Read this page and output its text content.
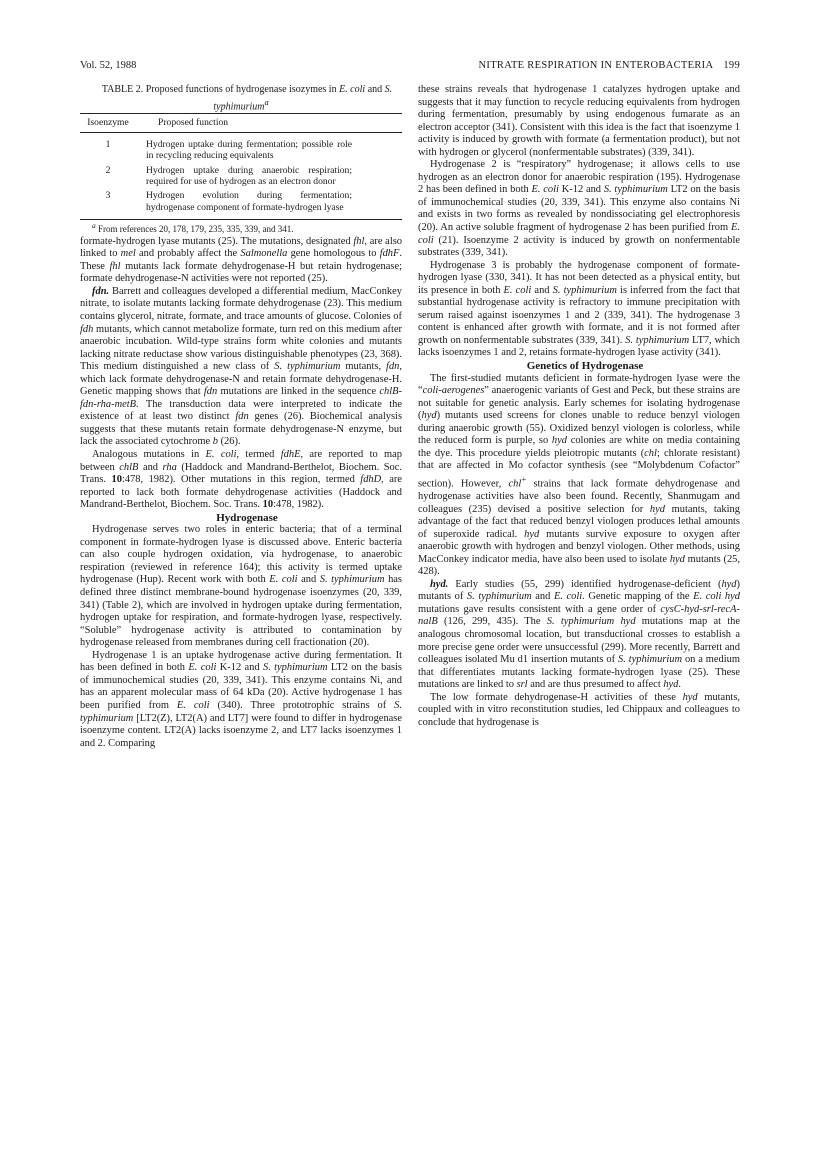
Vol. 52, 1988	NITRATE RESPIRATION IN ENTEROBACTERIA 199

TABLE 2. Proposed functions of hydrogenase isozymes in E. coli and S. typhimurium$^a$

Isoenzyme	Proposed function
1	Hydrogen uptake during fermentation; possible role in recycling reducing equivalents
2	Hydrogen uptake during anaerobic respiration; required for use of hydrogen as an electron donor
3	Hydrogen evolution during fermentation; hydrogenase component of formate-hydrogen lyase

$^a$ From references 20, 178, 179, 235, 335, 339, and 341.

formate-hydrogen lyase mutants (25). The mutations, designated fhl, are also linked to mel and probably affect the Salmonella gene homologous to fdhF. These fhl mutants lack formate dehydrogenase-H but retain hydrogenase; formate dehydrogenase-N activities were not reported (25).

fdn. Barrett and colleagues developed a differential medium, MacConkey nitrate, to isolate mutants lacking formate dehydrogenase (23). This medium contains glycerol, nitrate, formate, and trace amounts of glucose. Colonies of fdh mutants, which cannot metabolize formate, turn red on this medium after anaerobic incubation. Wild-type strains form white colonies and mutants lacking nitrate reductase show various distinguishable phenotypes (23, 368). This medium distinguished a new class of S. typhimurium mutants, fdn, which lack formate dehydrogenase-N and retain formate dehydrogenase-H. Genetic mapping shows that fdn mutations are linked in the sequence chlB-fdn-rha-metB. The transduction data were interpreted to indicate the existence of at least two distinct fdn genes (26). Biochemical analysis suggests that these mutants retain formate dehydrogenase-N enzyme, but lack the associated cytochrome b (26).

Analogous mutations in E. coli, termed fdhE, are reported to map between chlB and rha (Haddock and Mandrand-Berthelot, Biochem. Soc. Trans. 10:478, 1982). Other mutations in this region, termed fdhD, are reported to lack both formate dehydrogenase activities (Haddock and Mandrand-Berthelot, Biochem. Soc. Trans. 10:478, 1982).

Hydrogenase

Hydrogenase serves two roles in enteric bacteria; that of a terminal component in formate-hydrogen lyase is discussed above. Enteric bacteria can also couple hydrogen oxidation, via hydrogenase, to anaerobic respiration (reviewed in reference 164); this activity is termed uptake hydrogenase (Hup). Recent work with both E. coli and S. typhimurium has defined three distinct membrane-bound hydrogenase isoenzymes (20, 339, 341) (Table 2), which are involved in hydrogen uptake during fermentation, hydrogen uptake for respiration, and formate-hydrogen lyase, respectively. “Soluble” hydrogenase activity is attributed to contamination by hydrogenase released from membranes during cell fractionation (20).

Hydrogenase 1 is an uptake hydrogenase active during fermentation. It has been defined in both E. coli K-12 and S. typhimurium LT2 on the basis of immunochemical studies (20, 339, 341). This enzyme contains Ni, and has an apparent molecular mass of 64 kDa (20). Active hydrogenase 1 has been purified from E. coli (340). Three prototrophic strains of S. typhimurium [LT2(Z), LT2(A) and LT7] were found to differ in hydrogenase isoenzyme content. LT2(A) lacks isoenzyme 2, and LT7 lacks isoenzymes 1 and 2. Comparing

these strains reveals that hydrogenase 1 catalyzes hydrogen uptake and suggests that it may function to recycle reducing equivalents from hydrogen during fermentation, presumably by using endogenous fumarate as an electron acceptor (341). Consistent with this idea is the fact that isoenzyme 1 activity is induced by growth with formate (a fermentation product), but not with hydrogen or glycerol (nonfermentable substrates) (339, 341).

Hydrogenase 2 is “respiratory” hydrogenase; it allows cells to use hydrogen as an electron donor for anaerobic respiration (195). Hydrogenase 2 has been defined in both E. coli K-12 and S. typhimurium LT2 on the basis of immunochemical studies (20, 339, 341). This enzyme also contains Ni and exists in two forms as revealed by nondissociating gel electrophoresis (20). An active soluble fragment of hydrogenase 2 has been purified from E. coli (21). Isoenzyme 2 activity is induced by growth on nonfermentable substrates (339, 341).

Hydrogenase 3 is probably the hydrogenase component of formate-hydrogen lyase (330, 341). It has not been detected as a physical entity, but its presence in both E. coli and S. typhimurium is inferred from the fact that substantial hydrogenase activity is refractory to immune precipitation with serum raised against isoenzymes 1 and 2 (339, 341). The hydrogenase 3 content is enhanced after growth with formate, and it is not formed after growth on nonfermentable substrates (339, 341). S. typhimurium LT7, which lacks isoenzymes 1 and 2, retains formate-hydrogen lyase activity (341).

Genetics of Hydrogenase

The first-studied mutants deficient in formate-hydrogen lyase were the “coli-aerogenes” anaerogenic variants of Gest and Peck, but these strains are not suitable for genetic analysis. Early schemes for isolating hydrogenase (hyd) mutants used screens for clones unable to reduce benzyl viologen during anaerobic growth (55). Oxidized benzyl viologen is colorless, while the reduced form is purple, so hyd colonies are white on media containing the dye. This procedure yields pleiotropic mutants (chl; chlorate resistant) that are affected in Mo cofactor synthesis (see “Molybdenum Cofactor” section). However, chl+ strains that lack formate dehydrogenase and hydrogenase activities have also been found. Recently, Shanmugam and colleagues (235) devised a positive selection for hyd mutants, taking advantage of the fact that reduced benzyl viologen produces lethal amounts of superoxide radical. hyd mutants survive exposure to oxygen after anaerobic growth with hydrogen and benzyl viologen. Other methods, using MacConkey indicator media, have also been used to isolate hyd mutants (25, 428).

hyd. Early studies (55, 299) identified hydrogenase-deficient (hyd) mutants of S. typhimurium and E. coli. Genetic mapping of the E. coli hyd mutations gave results consistent with a gene order of cysC-hyd-srl-recA-nalB (126, 299, 435). The S. typhimurium hyd mutations map at the analogous chromosomal location, but transductional crosses to establish a more precise gene order were unsuccessful (299). More recently, Barrett and colleagues isolated Mu d1 insertion mutants of S. typhimurium on a medium that differentiates mutants lacking formate-hydrogen lyase (25). These mutations are linked to srl and are thus presumed to affect hyd.

The low formate dehydrogenase-H activities of these hyd mutants, coupled with in vitro reconstitution studies, led Chippaux and colleagues to conclude that hydrogenase is
